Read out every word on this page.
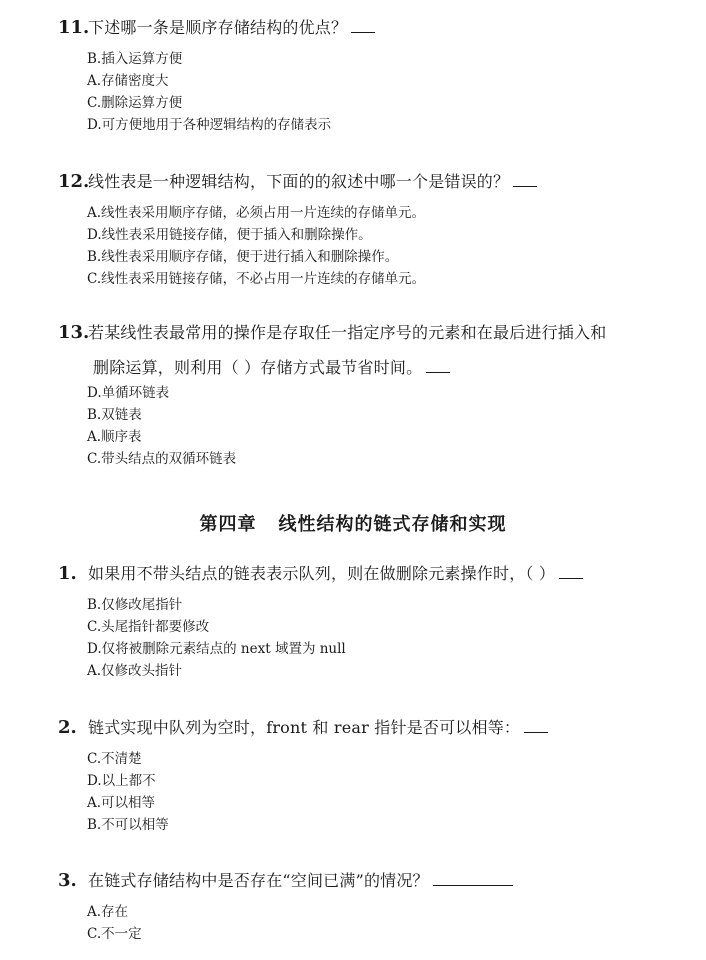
11.下述哪一条是顺序存储结构的优点？
B.插入运算方便
A.存储密度大
C.删除运算方便
D.可方便地用于各种逻辑结构的存储表示
12.线性表是一种逻辑结构，下面的的叙述中哪一个是错误的？
A.线性表采用顺序存储，必须占用一片连续的存储单元。
D.线性表采用链接存储，便于插入和删除操作。
B.线性表采用顺序存储，便于进行插入和删除操作。
C.线性表采用链接存储，不必占用一片连续的存储单元。
13.若某线性表最常用的操作是存取任一指定序号的元素和在最后进行插入和
删除运算，则利用（ ）存储方式最节省时间。
D.单循环链表
B.双链表
A.顺序表
C.带头结点的双循环链表
第四章 线性结构的链式存储和实现
1. 如果用不带头结点的链表表示队列，则在做删除元素操作时，（ ）
B.仅修改尾指针
C.头尾指针都要修改
D.仅将被删除元素结点的 next 域置为 null
A.仅修改头指针
2. 链式实现中队列为空时，front 和 rear 指针是否可以相等：
C.不清楚
D.以上都不
A.可以相等
B.不可以相等
3. 在链式存储结构中是否存在“空间已满”的情况？
A.存在
C.不一定
